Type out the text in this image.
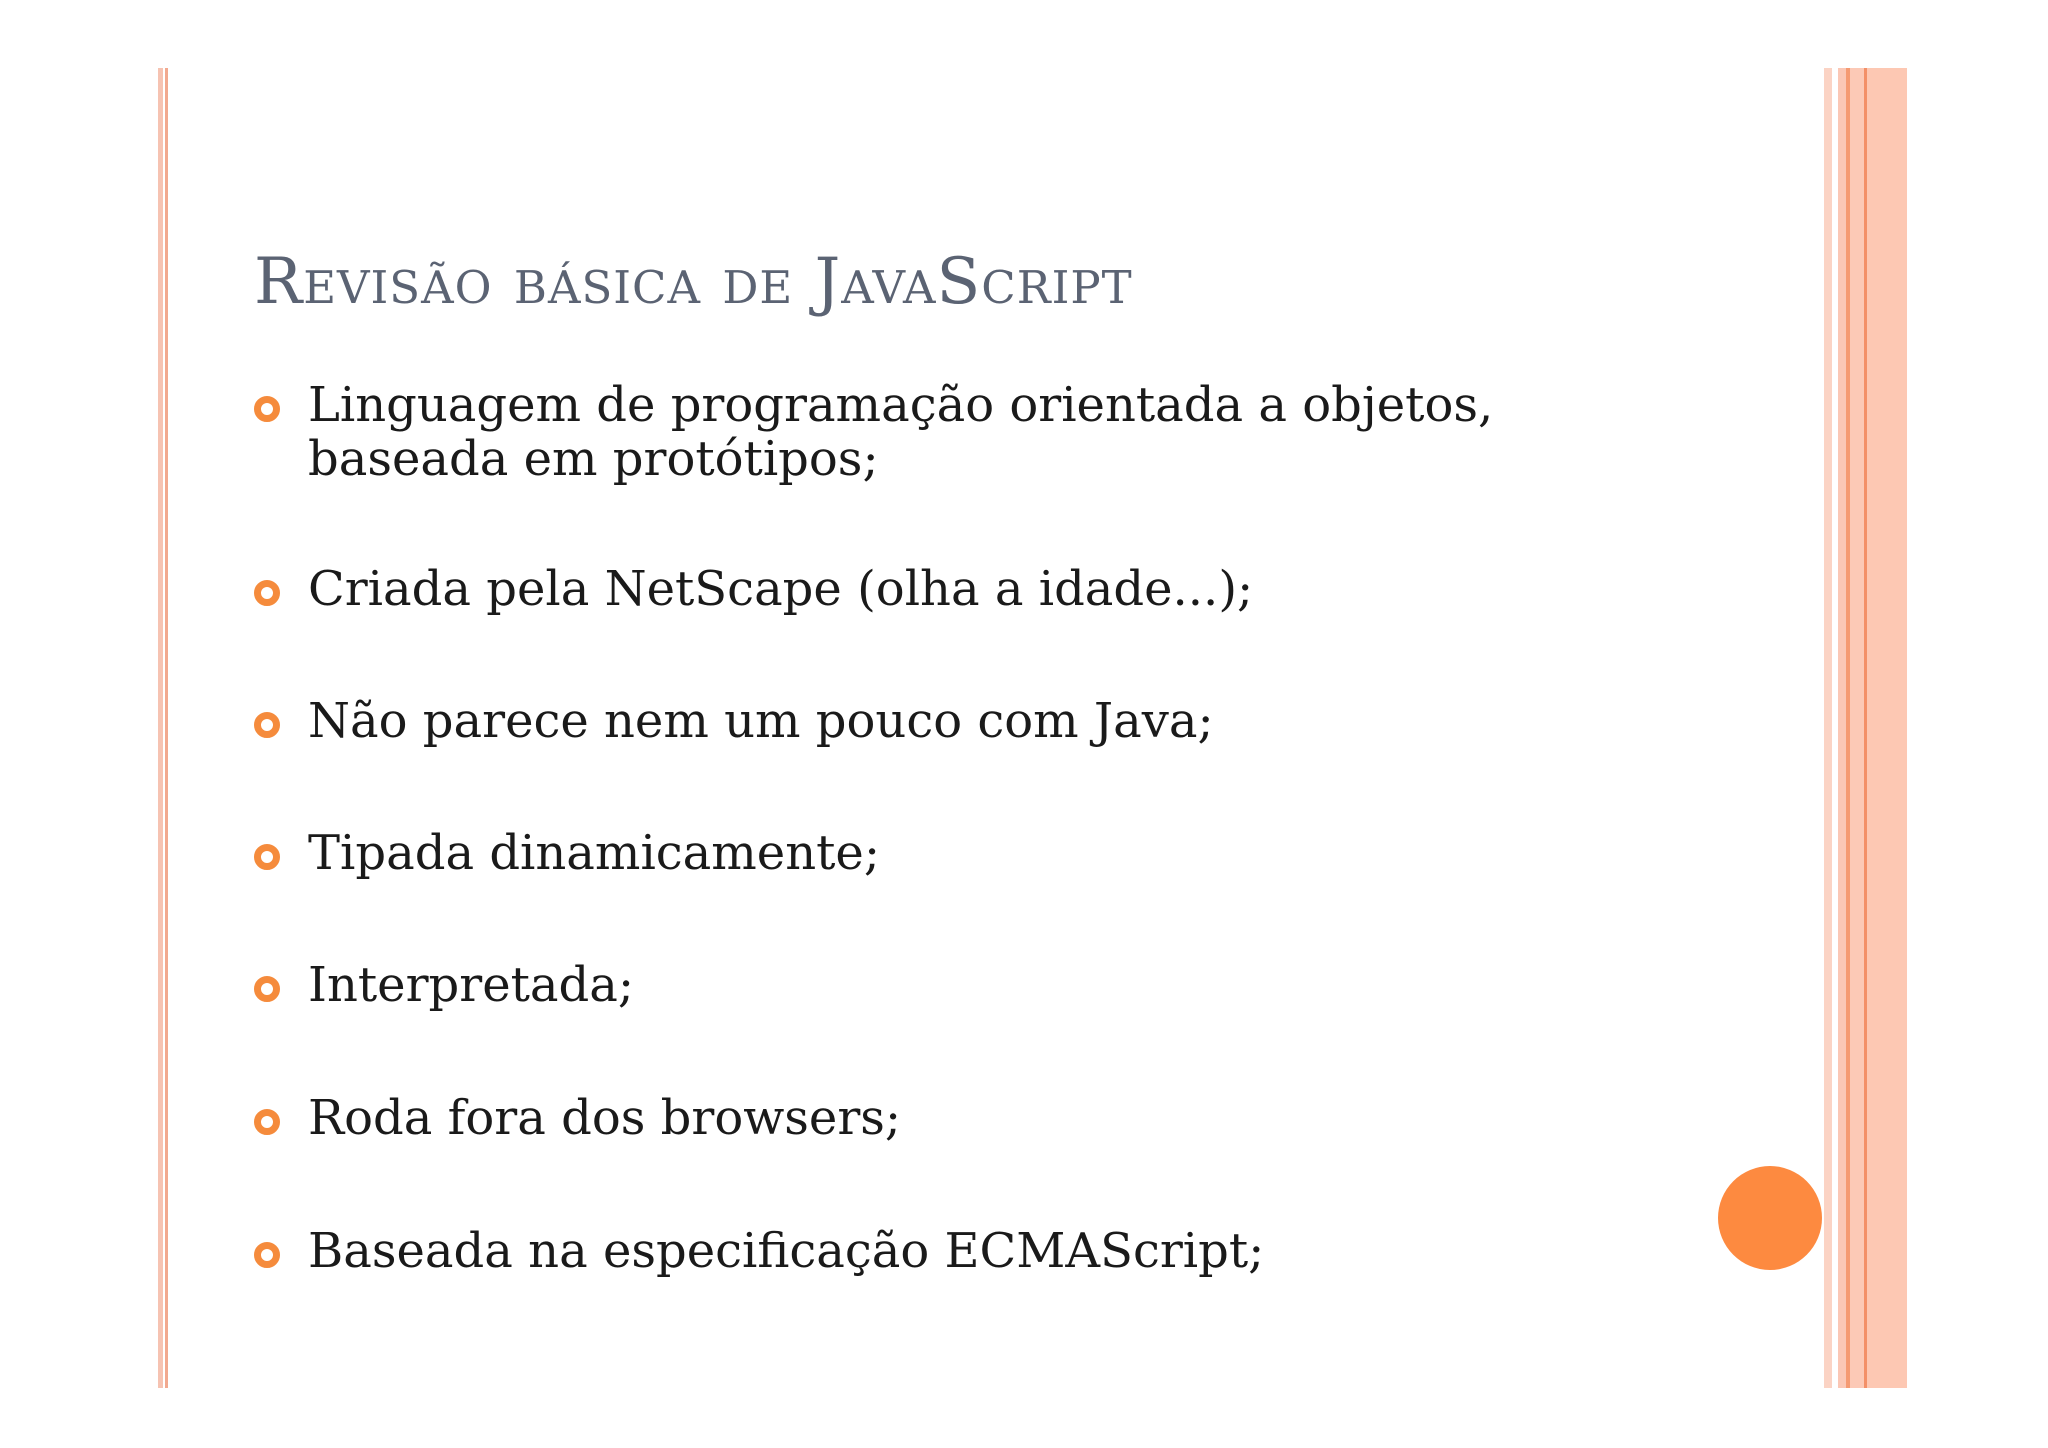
Revisão básica de JavaScript
Linguagem de programação orientada a objetos,
baseada em protótipos;
Criada pela NetScape (olha a idade...);
Não parece nem um pouco com Java;
Tipada dinamicamente;
Interpretada;
Roda fora dos browsers;
Baseada na especificação ECMAScript;
